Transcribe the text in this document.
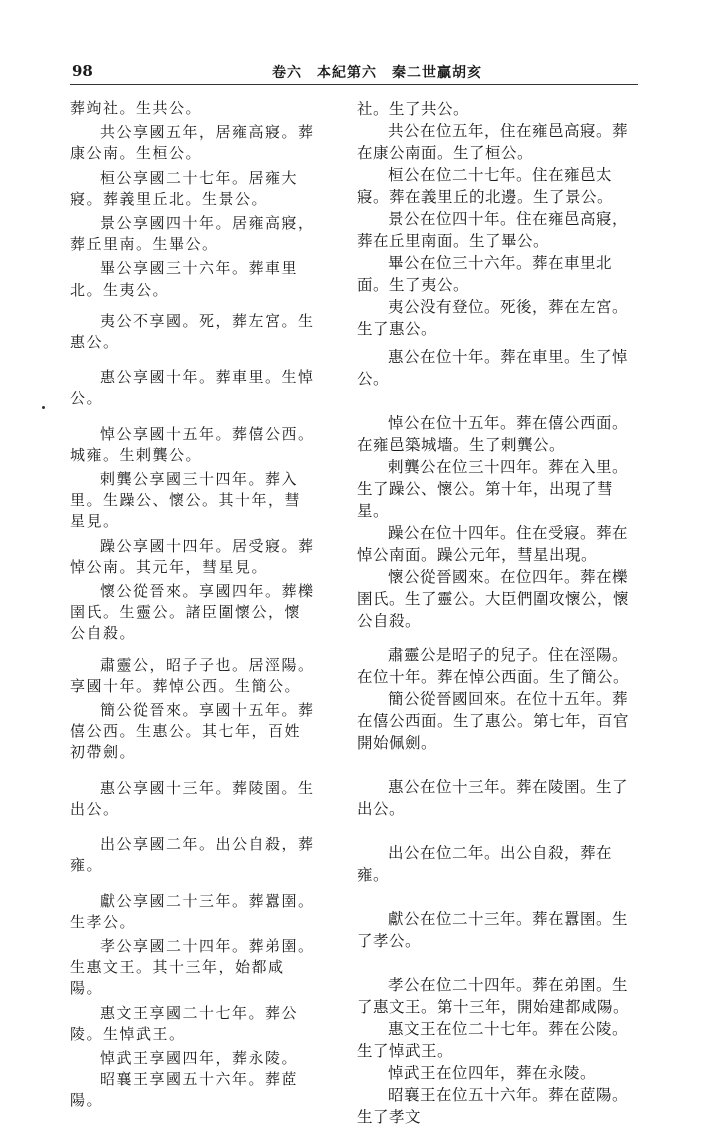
98	卷六　本紀第六　秦二世贏胡亥

葬竘社。生共公。

共公享國五年，居雍高寢。葬康公南。生桓公。

桓公享國二十七年。居雍大寢。葬義里丘北。生景公。

景公享國四十年。居雍高寢，葬丘里南。生畢公。

畢公享國三十六年。葬車里北。生夷公。

夷公不享國。死，葬左宮。生惠公。

惠公享國十年。葬車里。生悼公。

悼公享國十五年。葬僖公西。城雍。生剌龔公。

剌龔公享國三十四年。葬入里。生躁公、懷公。其十年，彗星見。

躁公享國十四年。居受寢。葬悼公南。其元年，彗星見。

懷公從晉來。享國四年。葬櫟圉氏。生靈公。諸臣圍懷公，懷公自殺。

肅靈公，昭子子也。居涇陽。享國十年。葬悼公西。生簡公。

簡公從晉來。享國十五年。葬僖公西。生惠公。其七年，百姓初帶劍。

惠公享國十三年。葬陵圉。生出公。

出公享國二年。出公自殺，葬雍。

獻公享國二十三年。葬囂圉。生孝公。

孝公享國二十四年。葬弟圉。生惠文王。其十三年，始都咸陽。

惠文王享國二十七年。葬公陵。生悼武王。

悼武王享國四年，葬永陵。

昭襄王享國五十六年。葬茝陽。

社。生了共公。

共公在位五年，住在雍邑高寢。葬在康公南面。生了桓公。

桓公在位二十七年。住在雍邑太寢。葬在義里丘的北邊。生了景公。

景公在位四十年。住在雍邑高寢，葬在丘里南面。生了畢公。

畢公在位三十六年。葬在車里北面。生了夷公。

夷公没有登位。死後，葬在左宮。生了惠公。

惠公在位十年。葬在車里。生了悼公。

悼公在位十五年。葬在僖公西面。在雍邑築城墻。生了剌龔公。

剌龔公在位三十四年。葬在入里。生了躁公、懷公。第十年，出現了彗星。

躁公在位十四年。住在受寢。葬在悼公南面。躁公元年，彗星出現。

懷公從晉國來。在位四年。葬在櫟圉氏。生了靈公。大臣們圍攻懷公，懷公自殺。

肅靈公是昭子的兒子。住在涇陽。在位十年。葬在悼公西面。生了簡公。

簡公從晉國回來。在位十五年。葬在僖公西面。生了惠公。第七年，百官開始佩劍。

惠公在位十三年。葬在陵圉。生了出公。

出公在位二年。出公自殺，葬在雍。

獻公在位二十三年。葬在囂圉。生了孝公。

孝公在位二十四年。葬在弟圉。生了惠文王。第十三年，開始建都咸陽。

惠文王在位二十七年。葬在公陵。生了悼武王。

悼武王在位四年，葬在永陵。

昭襄王在位五十六年。葬在茝陽。生了孝文
